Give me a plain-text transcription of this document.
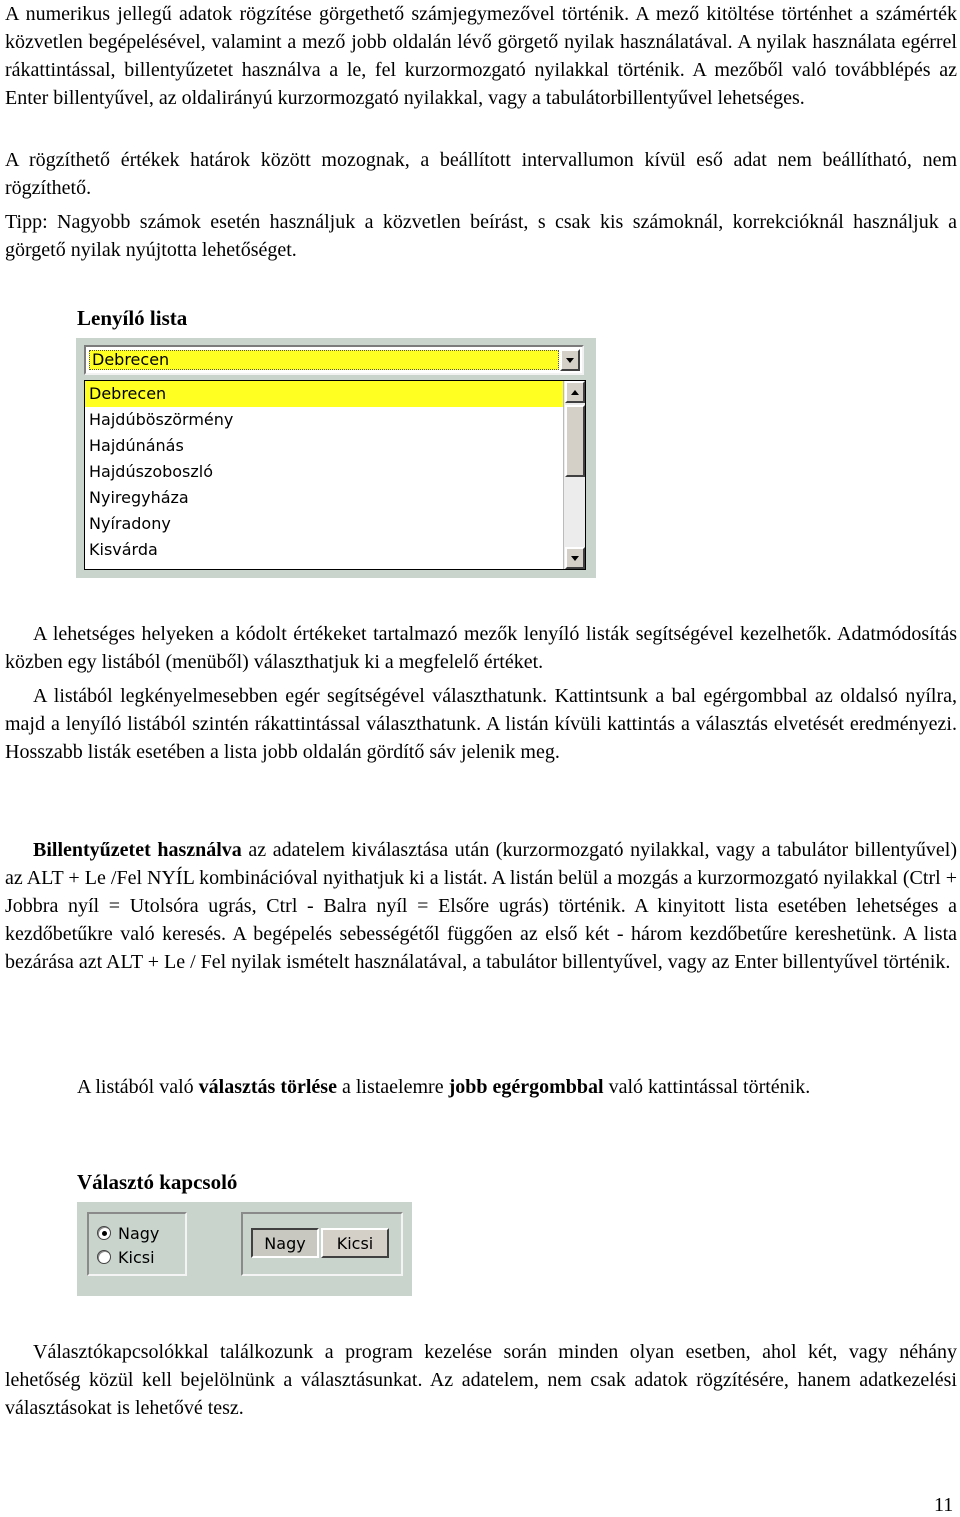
A numerikus jellegű adatok rögzítése görgethető számjegymezővel történik. A mező kitöltése történhet a számérték közvetlen begépelésével, valamint a mező jobb oldalán lévő görgető nyilak használatával. A nyilak használata egérrel rákattintással, billentyűzetet használva a le, fel kurzormozgató nyilakkal történik. A mezőből való továbblépés az Enter billentyűvel, az oldalirányú kurzormozgató nyilakkal, vagy a tabulátorbillentyűvel lehetséges.

A rögzíthető értékek határok között mozognak, a beállított intervallumon kívül eső adat nem beállítható, nem rögzíthető.

Tipp: Nagyobb számok esetén használjuk a közvetlen beírást, s csak kis számoknál, korrekcióknál használjuk a görgető nyilak nyújtotta lehetőséget.

Lenyíló lista

Debrecen
Debrecen
Hajdúböszörmény
Hajdúnánás
Hajdúszoboszló
Nyiregyháza
Nyíradony
Kisvárda

A lehetséges helyeken a kódolt értékeket tartalmazó mezők lenyíló listák segítségével kezelhetők. Adatmódosítás közben egy listából (menüből) választhatjuk ki a megfelelő értéket.

A listából legkényelmesebben egér segítségével választhatunk. Kattintsunk a bal egérgombbal az oldalsó nyílra, majd a lenyíló listából szintén rákattintással választhatunk. A listán kívüli kattintás a választás elvetését eredményezi. Hosszabb listák esetében a lista jobb oldalán gördítő sáv jelenik meg.

Billentyűzetet használva az adatelem kiválasztása után (kurzormozgató nyilakkal, vagy a tabulátor billentyűvel) az ALT + Le /Fel NYÍL kombinációval nyithatjuk ki a listát. A listán belül a mozgás a kurzormozgató nyilakkal (Ctrl + Jobbra nyíl = Utolsóra ugrás, Ctrl - Balra nyíl = Elsőre ugrás) történik. A kinyitott lista esetében lehetséges a kezdőbetűkre való keresés. A begépelés sebességétől függően az első két - három kezdőbetűre kereshetünk. A lista bezárása azt ALT + Le / Fel nyilak ismételt használatával, a tabulátor billentyűvel, vagy az Enter billentyűvel történik.

A listából való választás törlése a listaelemre jobb egérgombbal való kattintással történik.

Választó kapcsoló

Nagy
Kicsi
Nagy	Kicsi

Választókapcsolókkal találkozunk a program kezelése során minden olyan esetben, ahol két, vagy néhány lehetőség közül kell bejelölnünk a választásunkat. Az adatelem, nem csak adatok rögzítésére, hanem adatkezelési választásokat is lehetővé tesz.

11
